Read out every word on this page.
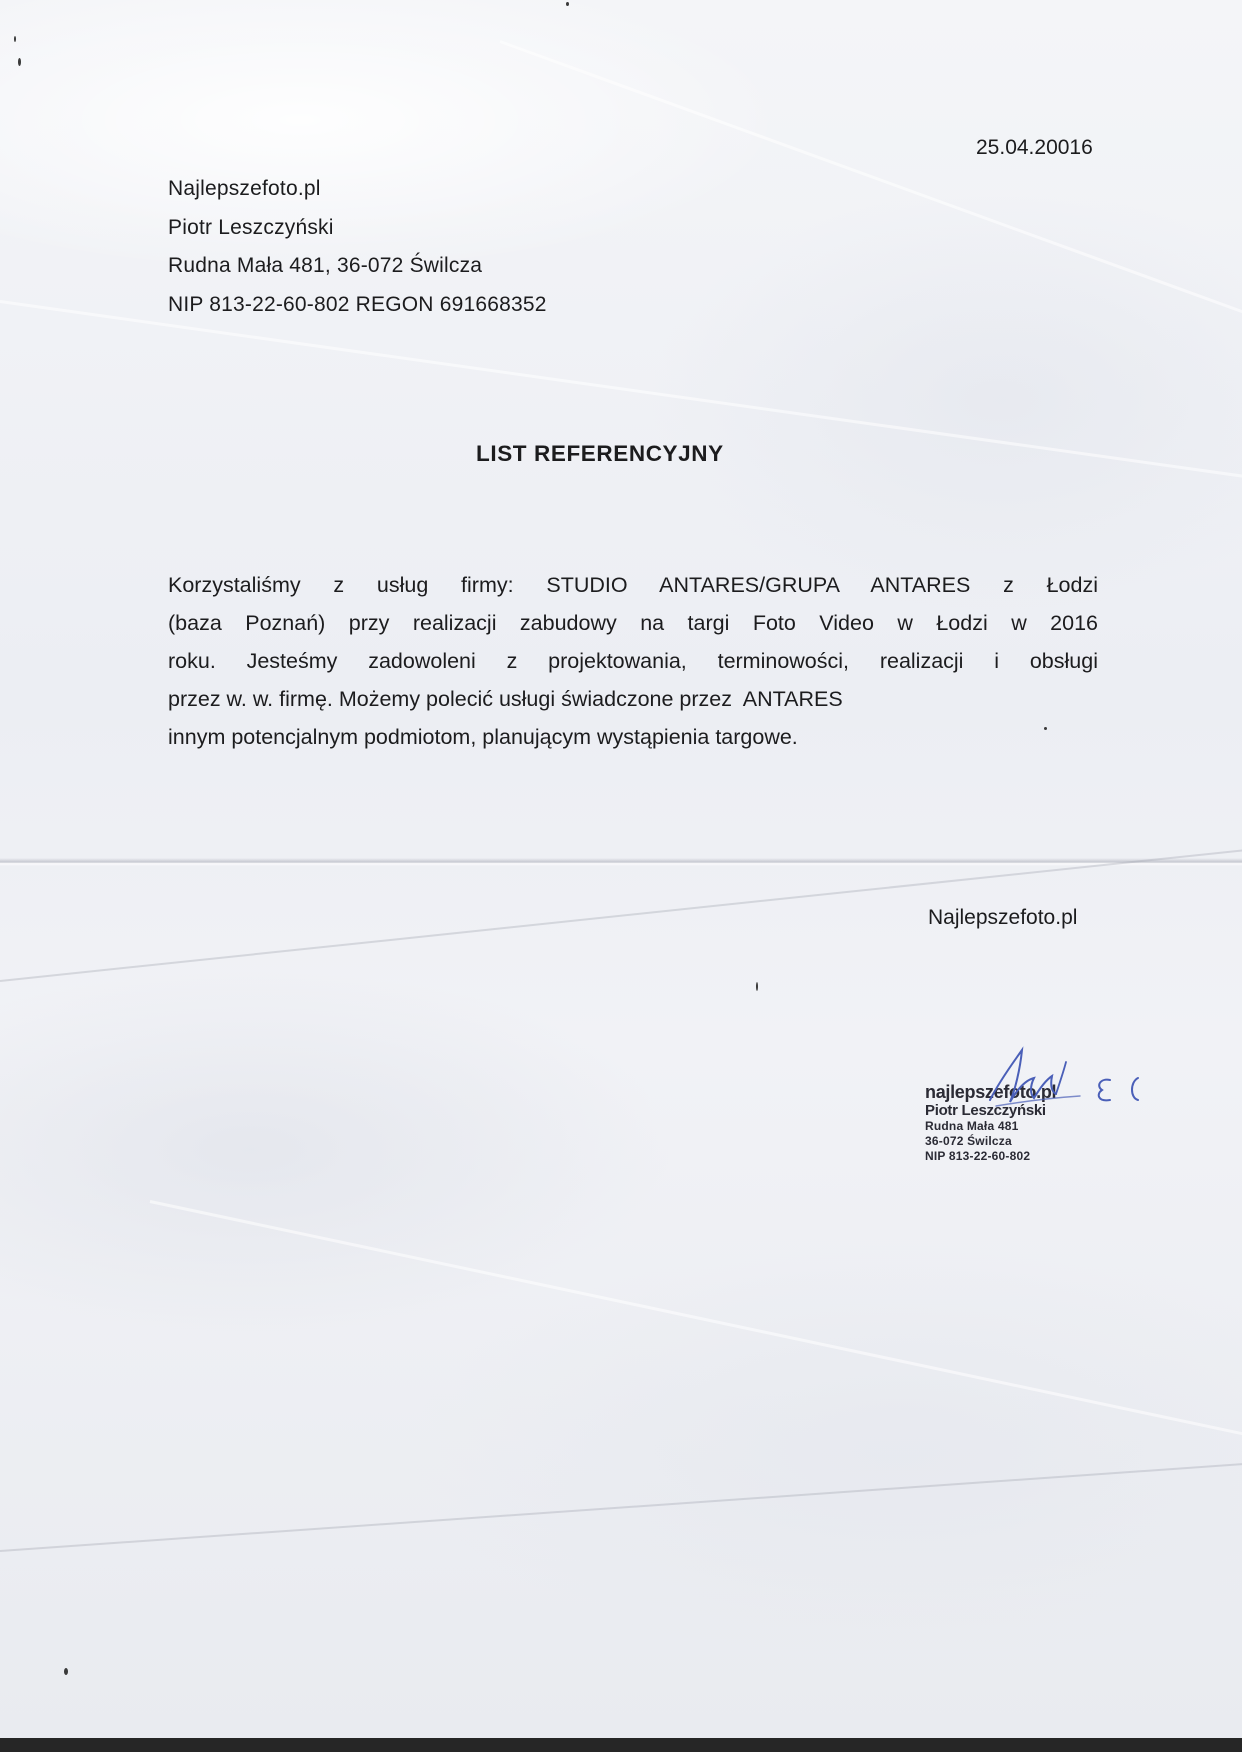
25.04.20016
Najlepszefoto.pl
Piotr Leszczyński
Rudna Mała 481, 36-072 Świlcza
NIP 813-22-60-802 REGON 691668352
LIST REFERENCYJNY
Korzystaliśmy z usług firmy: STUDIO ANTARES/GRUPA ANTARES z Łodzi
(baza Poznań) przy realizacji zabudowy na targi Foto Video w Łodzi w 2016
roku. Jesteśmy zadowoleni z projektowania, terminowości, realizacji i obsługi
przez w. w. firmę. Możemy polecić usługi świadczone przez  ANTARES
innym potencjalnym podmiotom, planującym wystąpienia targowe.
Najlepszefoto.pl
najlepszefoto.pl
Piotr Leszczyński
Rudna Mała 481
36-072 Świlcza
NIP 813-22-60-802
